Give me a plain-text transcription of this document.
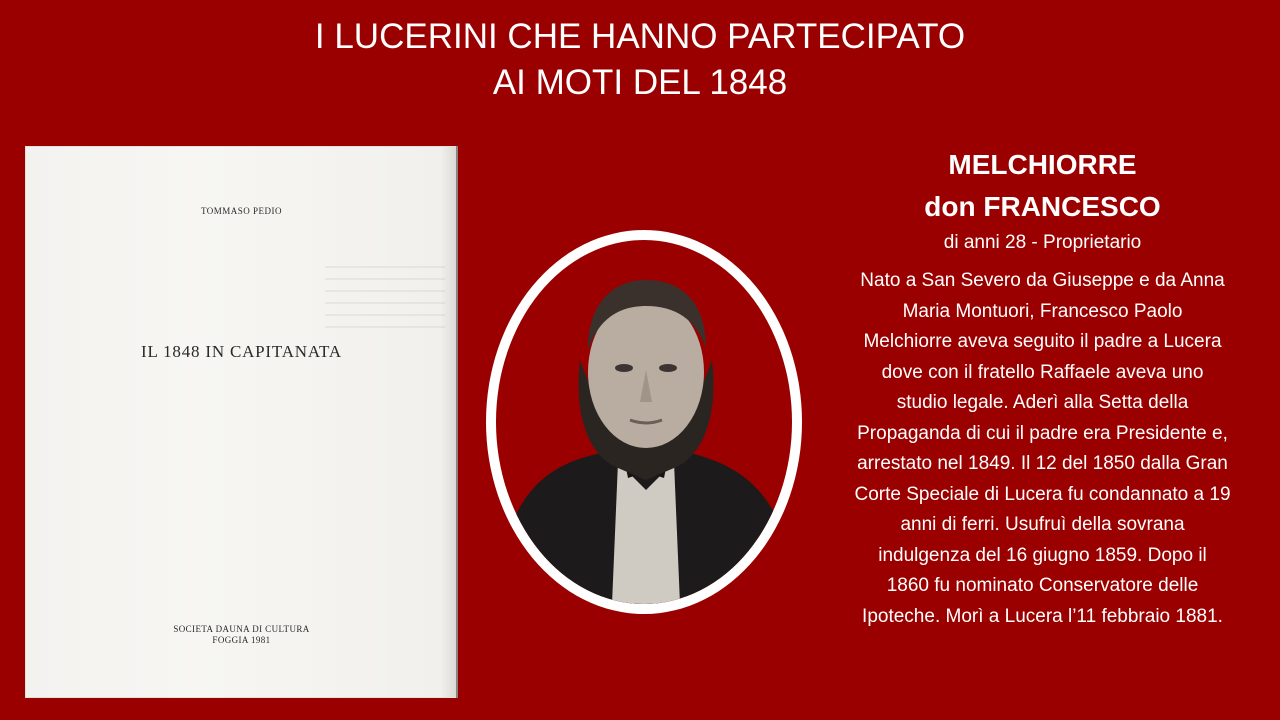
I LUCERINI CHE HANNO PARTECIPATO
AI MOTI DEL 1848
TOMMASO PEDIO
IL 1848 IN CAPITANATA
SOCIETA DAUNA DI CULTURA
FOGGIA 1981
MELCHIORRE
don FRANCESCO
di anni 28 - Proprietario
Nato a San Severo da Giuseppe e da Anna
Maria Montuori, Francesco Paolo
Melchiorre aveva seguito il padre a Lucera
dove con il fratello Raffaele aveva uno
studio legale. Aderì alla Setta della
Propaganda di cui il padre era Presidente e,
arrestato nel 1849. Il 12 del 1850 dalla Gran
Corte Speciale di Lucera fu condannato a 19
anni di ferri. Usufruì della sovrana
indulgenza del 16 giugno 1859. Dopo il
1860 fu nominato Conservatore delle
Ipoteche. Morì a Lucera l’11 febbraio 1881.
